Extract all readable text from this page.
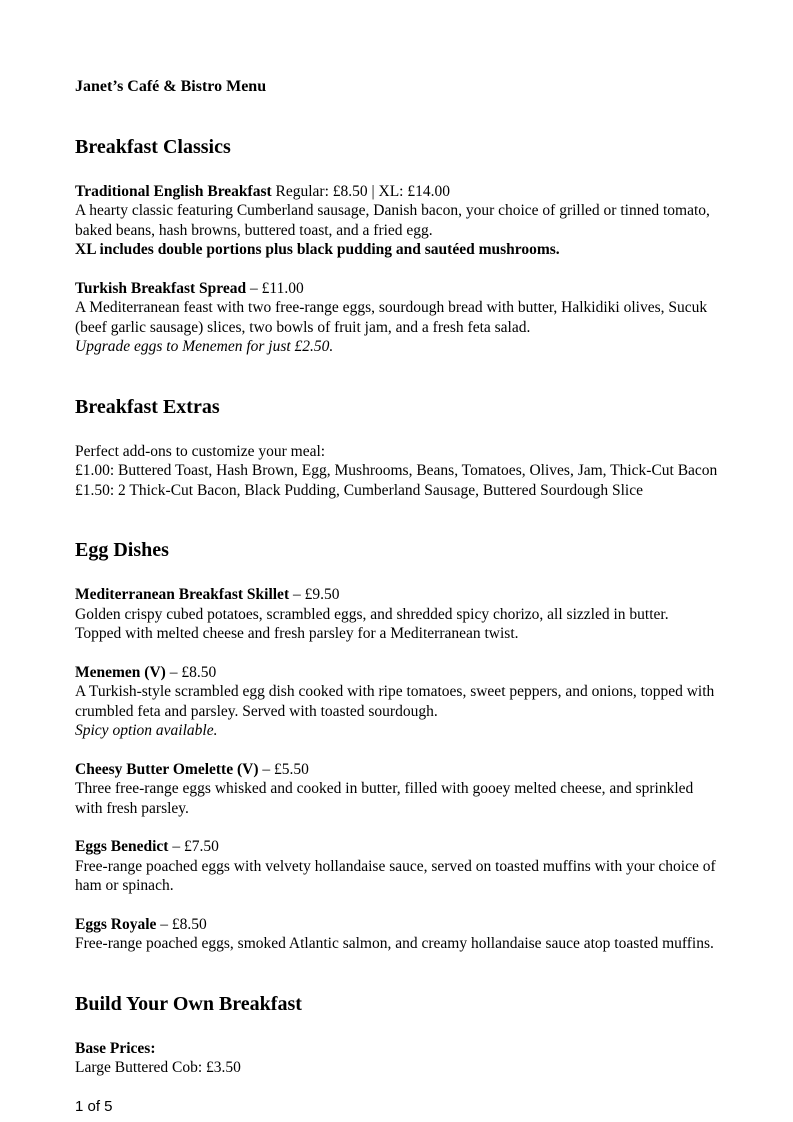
Janet’s Café & Bistro Menu
Breakfast Classics

Traditional English Breakfast Regular: £8.50 | XL: £14.00
A hearty classic featuring Cumberland sausage, Danish bacon, your choice of grilled or tinned tomato, baked beans, hash browns, buttered toast, and a fried egg.
XL includes double portions plus black pudding and sautéed mushrooms.

Turkish Breakfast Spread – £11.00
A Mediterranean feast with two free-range eggs, sourdough bread with butter, Halkidiki olives, Sucuk (beef garlic sausage) slices, two bowls of fruit jam, and a fresh feta salad.
Upgrade eggs to Menemen for just £2.50.

Breakfast Extras

Perfect add-ons to customize your meal:
£1.00: Buttered Toast, Hash Brown, Egg, Mushrooms, Beans, Tomatoes, Olives, Jam, Thick-Cut Bacon
£1.50: 2 Thick-Cut Bacon, Black Pudding, Cumberland Sausage, Buttered Sourdough Slice

Egg Dishes

Mediterranean Breakfast Skillet – £9.50
Golden crispy cubed potatoes, scrambled eggs, and shredded spicy chorizo, all sizzled in butter. Topped with melted cheese and fresh parsley for a Mediterranean twist.

Menemen (V) – £8.50
A Turkish-style scrambled egg dish cooked with ripe tomatoes, sweet peppers, and onions, topped with crumbled feta and parsley. Served with toasted sourdough.
Spicy option available.

Cheesy Butter Omelette (V) – £5.50
Three free-range eggs whisked and cooked in butter, filled with gooey melted cheese, and sprinkled with fresh parsley.

Eggs Benedict – £7.50
Free-range poached eggs with velvety hollandaise sauce, served on toasted muffins with your choice of ham or spinach.

Eggs Royale – £8.50
Free-range poached eggs, smoked Atlantic salmon, and creamy hollandaise sauce atop toasted muffins.

Build Your Own Breakfast

Base Prices:
Large Buttered Cob: £3.50

1 of 5
